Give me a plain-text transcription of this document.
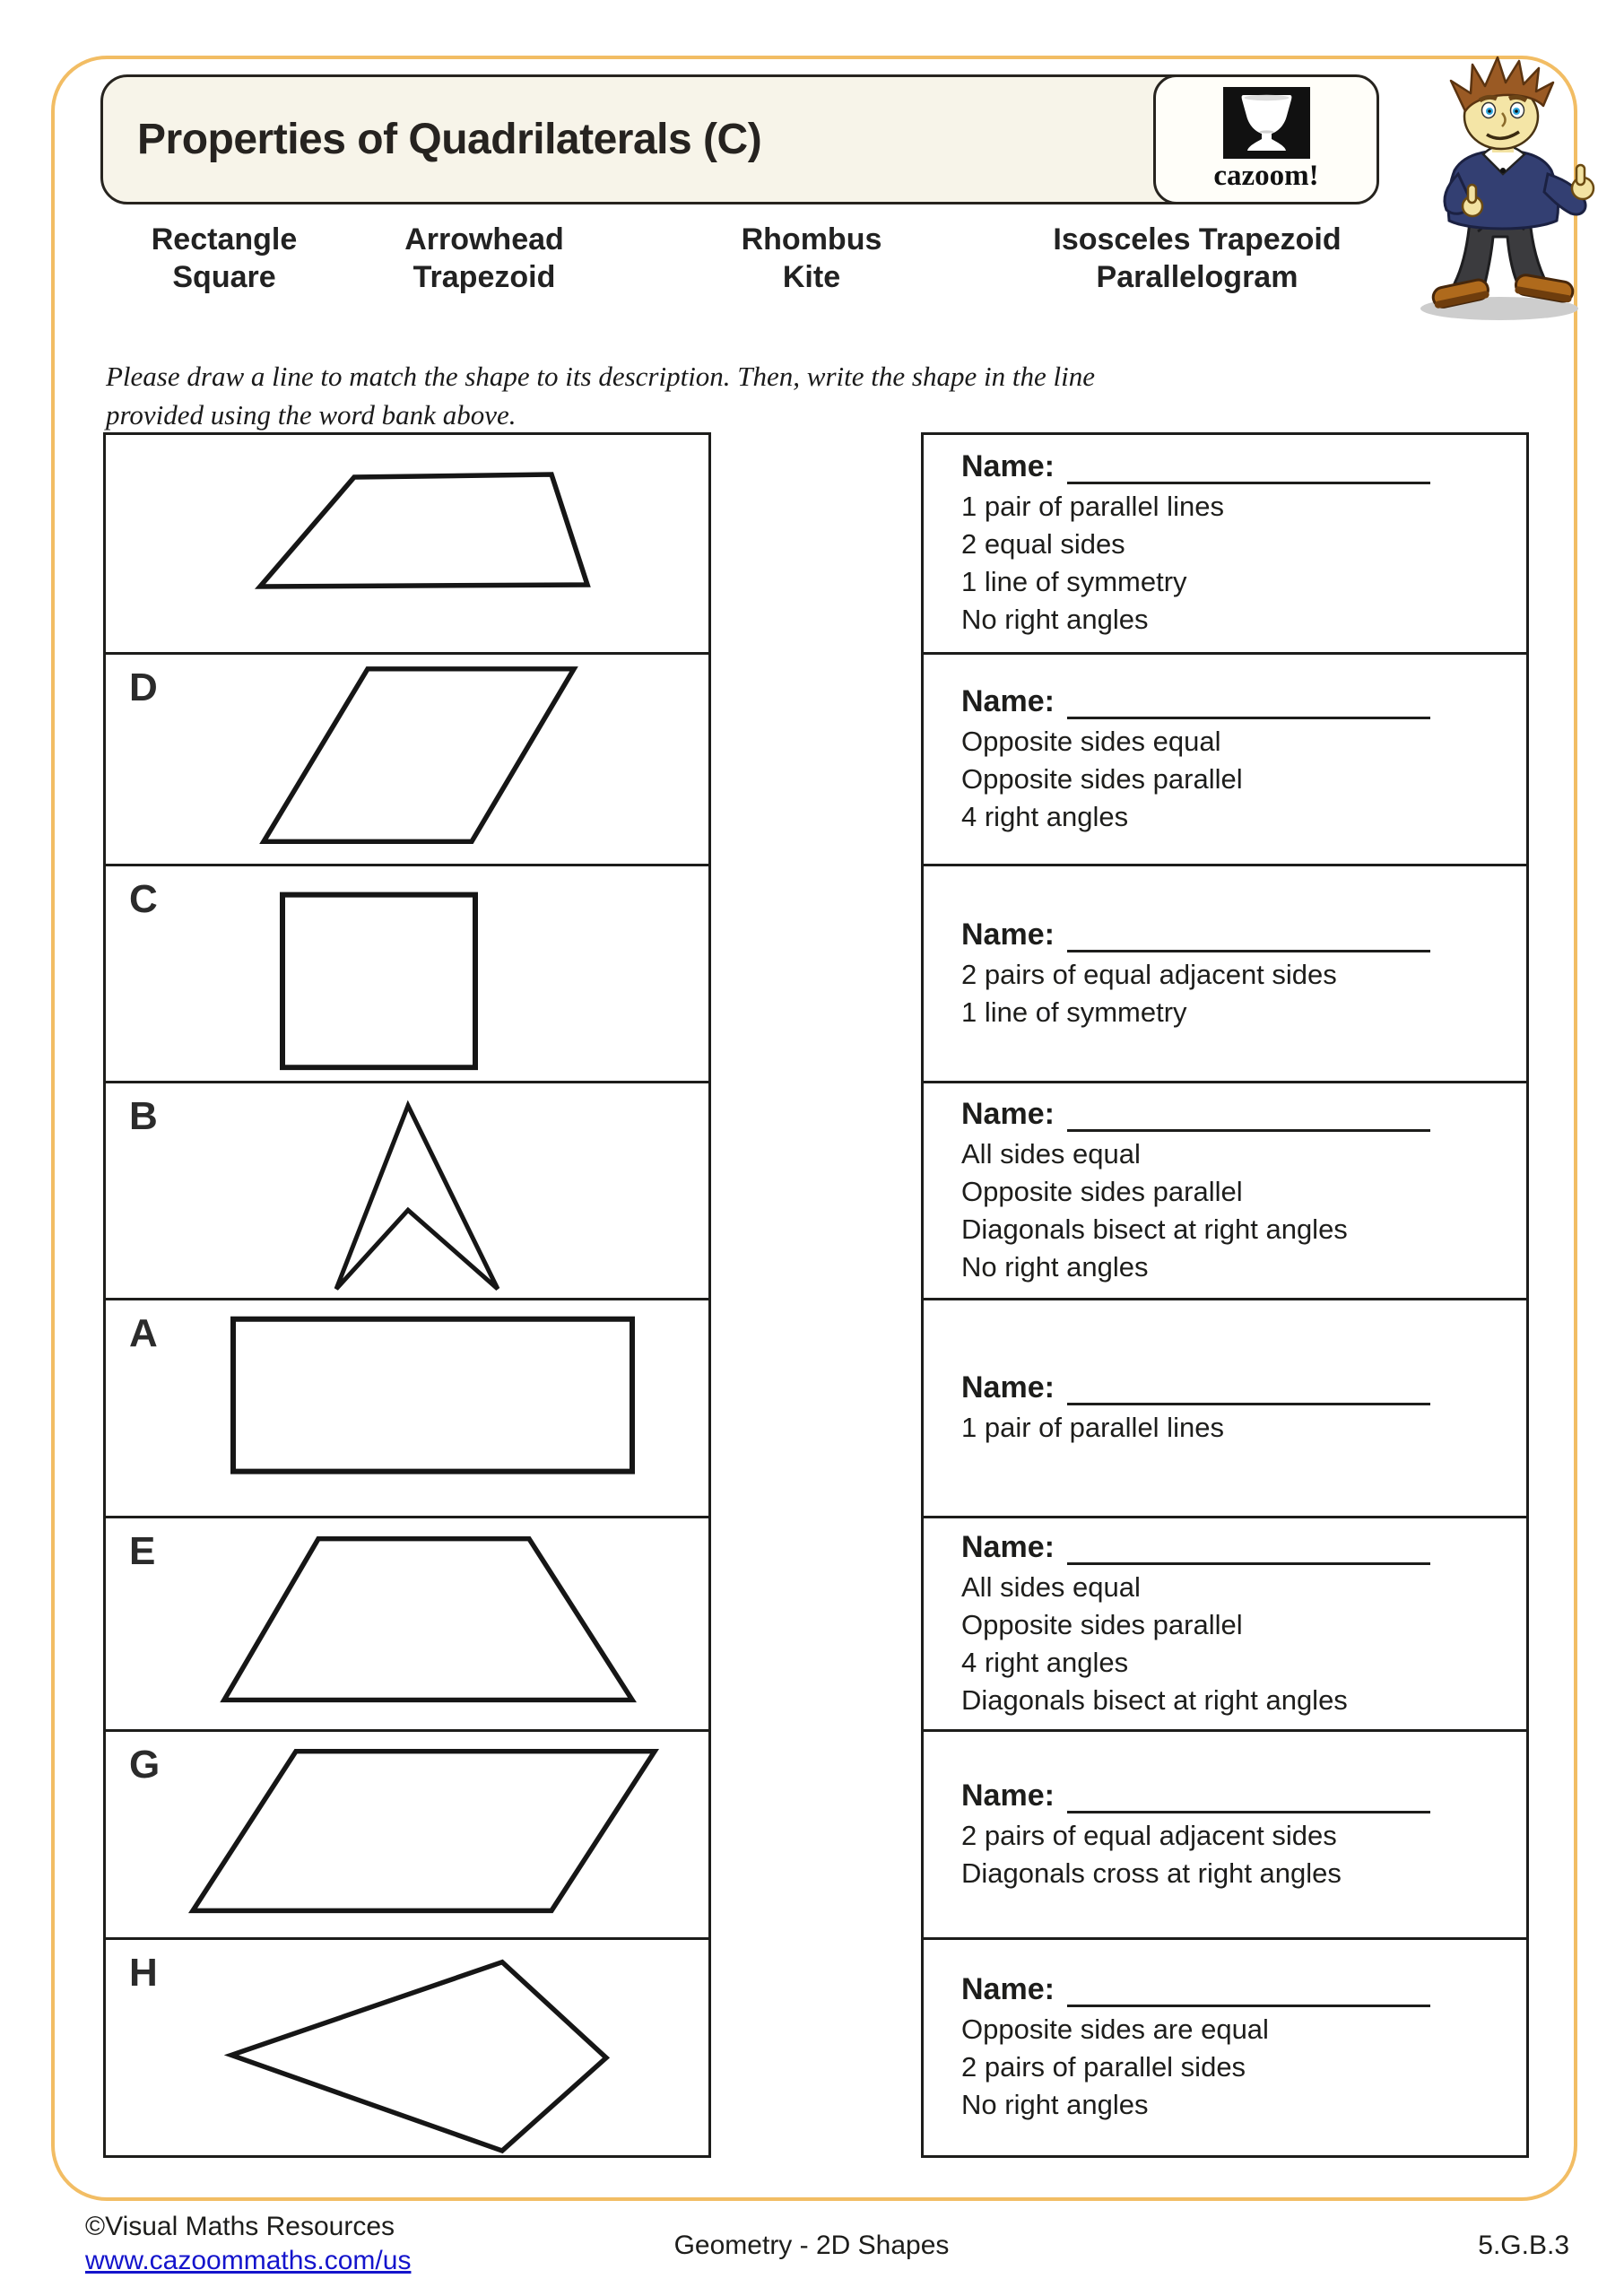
Properties of Quadrilaterals (C)
cazoom!
Rectangle	Arrowhead	Rhombus	Isosceles Trapezoid
Square	Trapezoid	Kite	Parallelogram
Please draw a line to match the shape to its description. Then, write the shape in the line
provided using the word bank above.
D
C
B
A
E
G
H
Name:
1 pair of parallel lines
2 equal sides
1 line of symmetry
No right angles
Name:
Opposite sides equal
Opposite sides parallel
4 right angles
Name:
2 pairs of equal adjacent sides
1 line of symmetry
Name:
All sides equal
Opposite sides parallel
Diagonals bisect at right angles
No right angles
Name:
1 pair of parallel lines
Name:
All sides equal
Opposite sides parallel
4 right angles
Diagonals bisect at right angles
Name:
2 pairs of equal adjacent sides
Diagonals cross at right angles
Name:
Opposite sides are equal
2 pairs of parallel sides
No right angles
©Visual Maths Resources
www.cazoommaths.com/us
Geometry - 2D Shapes	5.G.B.3
